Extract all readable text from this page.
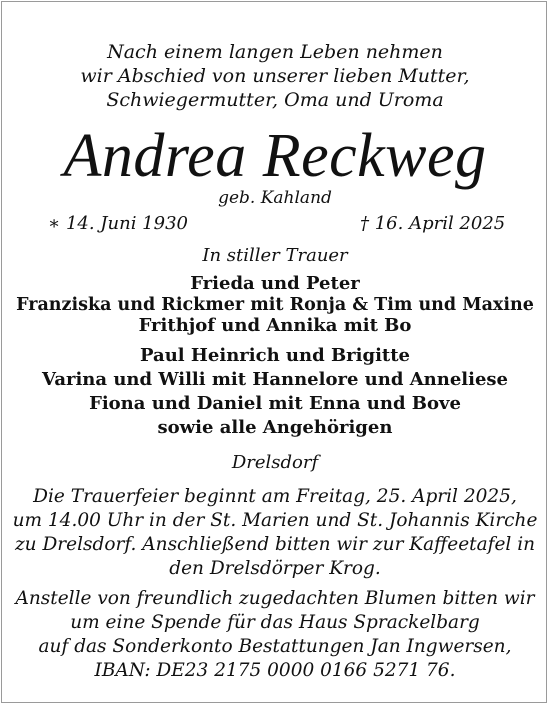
Nach einem langen Leben nehmen
wir Abschied von unserer lieben Mutter,
Schwiegermutter, Oma und Uroma
Andrea Reckweg
geb. Kahland
∗ 14. Juni 1930	† 16. April 2025
In stiller Trauer
Frieda und Peter
Franziska und Rickmer mit Ronja & Tim und Maxine
Frithjof und Annika mit Bo
Paul Heinrich und Brigitte
Varina und Willi mit Hannelore und Anneliese
Fiona und Daniel mit Enna und Bove
sowie alle Angehörigen
Drelsdorf
Die Trauerfeier beginnt am Freitag, 25. April 2025,
um 14.00 Uhr in der St. Marien und St. Johannis Kirche
zu Drelsdorf. Anschließend bitten wir zur Kaffeetafel in
den Drelsdörper Krog.
Anstelle von freundlich zugedachten Blumen bitten wir
um eine Spende für das Haus Sprackelbarg
auf das Sonderkonto Bestattungen Jan Ingwersen,
IBAN: DE23 2175 0000 0166 5271 76.
